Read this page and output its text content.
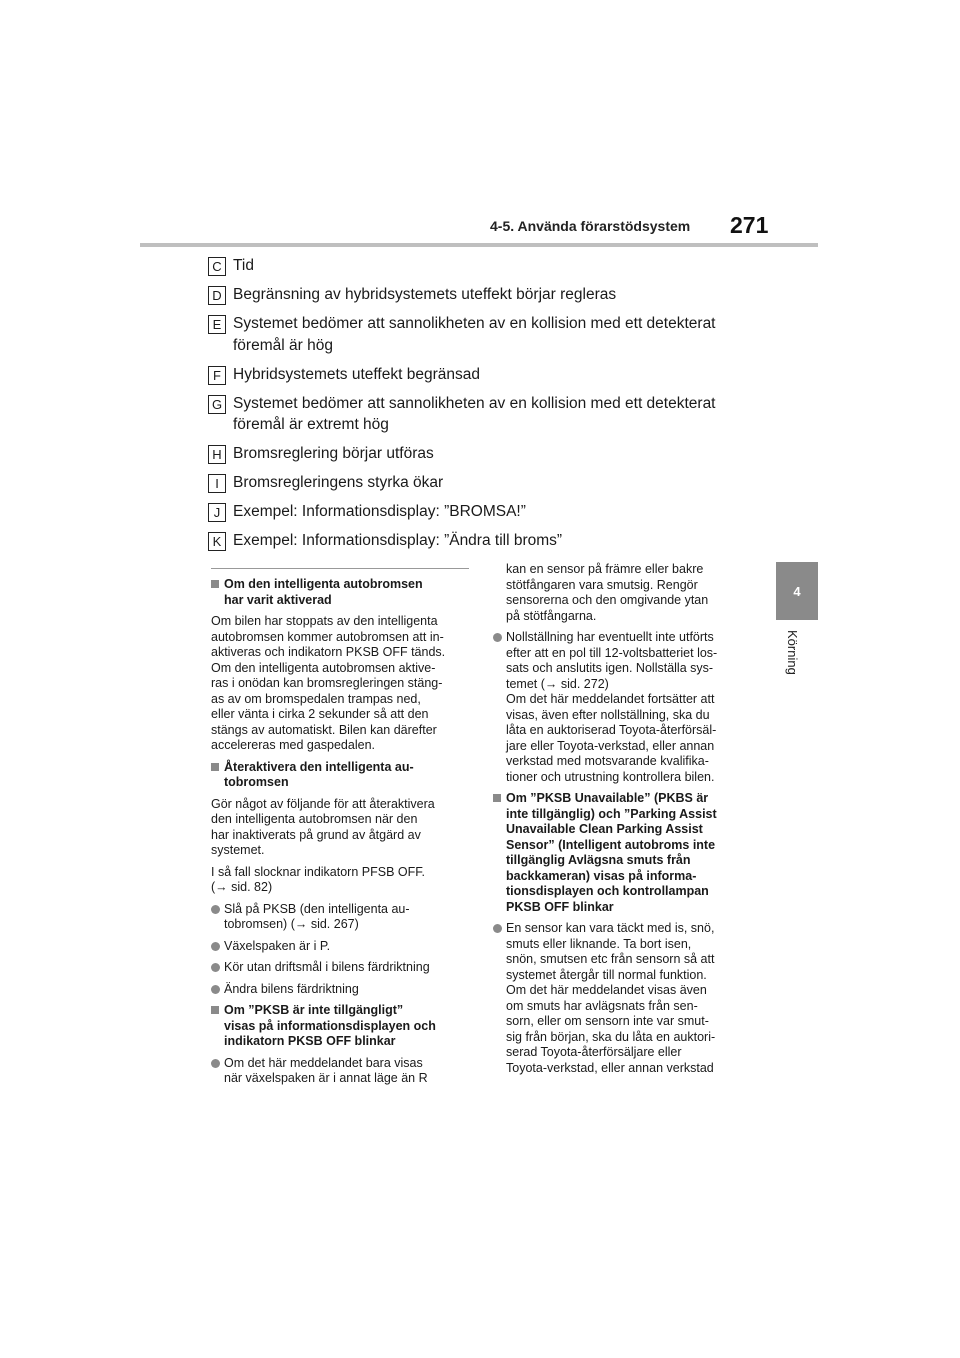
4-5. Använda förarstödsystem 271
4
Körning
C Tid
D Begränsning av hybridsystemets uteffekt börjar regleras
E Systemet bedömer att sannolikheten av en kollision med ett detekterat
föremål är hög
F Hybridsystemets uteffekt begränsad
G Systemet bedömer att sannolikheten av en kollision med ett detekterat
föremål är extremt hög
H Bromsreglering börjar utföras
I Bromsregleringens styrka ökar
J Exempel: Informationsdisplay: ”BROMSA!”
K Exempel: Informationsdisplay: ”Ändra till broms”
Om den intelligenta autobromsen
har varit aktiverad
Om bilen har stoppats av den intelligenta
autobromsen kommer autobromsen att in-
aktiveras och indikatorn PKSB OFF tänds.
Om den intelligenta autobromsen aktive-
ras i onödan kan bromsregleringen stäng-
as av om bromspedalen trampas ned,
eller vänta i cirka 2 sekunder så att den
stängs av automatiskt. Bilen kan därefter
accelereras med gaspedalen.
Återaktivera den intelligenta au-
tobromsen
Gör något av följande för att återaktivera
den intelligenta autobromsen när den
har inaktiverats på grund av åtgärd av
systemet.
I så fall slocknar indikatorn PFSB OFF.
(→ sid. 82)
Slå på PKSB (den intelligenta au-
tobromsen) (→ sid. 267)
Växelspaken är i P.
Kör utan driftsmål i bilens färdriktning
Ändra bilens färdriktning
Om ”PKSB är inte tillgängligt”
visas på informationsdisplayen och
indikatorn PKSB OFF blinkar
Om det här meddelandet bara visas
när växelspaken är i annat läge än R
kan en sensor på främre eller bakre
stötfångaren vara smutsig. Rengör
sensorerna och den omgivande ytan
på stötfångarna.
Nollställning har eventuellt inte utförts
efter att en pol till 12-voltsbatteriet los-
sats och anslutits igen. Nollställa sys-
temet (→ sid. 272)
Om det här meddelandet fortsätter att
visas, även efter nollställning, ska du
låta en auktoriserad Toyota-återförsäl-
jare eller Toyota-verkstad, eller annan
verkstad med motsvarande kvalifika-
tioner och utrustning kontrollera bilen.
Om ”PKSB Unavailable” (PKBS är
inte tillgänglig) och ”Parking Assist
Unavailable Clean Parking Assist
Sensor” (Intelligent autobroms inte
tillgänglig Avlägsna smuts från
backkameran) visas på informa-
tionsdisplayen och kontrollampan
PKSB OFF blinkar
En sensor kan vara täckt med is, snö,
smuts eller liknande. Ta bort isen,
snön, smutsen etc från sensorn så att
systemet återgår till normal funktion.
Om det här meddelandet visas även
om smuts har avlägsnats från sen-
sorn, eller om sensorn inte var smut-
sig från början, ska du låta en auktori-
serad Toyota-återförsäljare eller
Toyota-verkstad, eller annan verkstad
